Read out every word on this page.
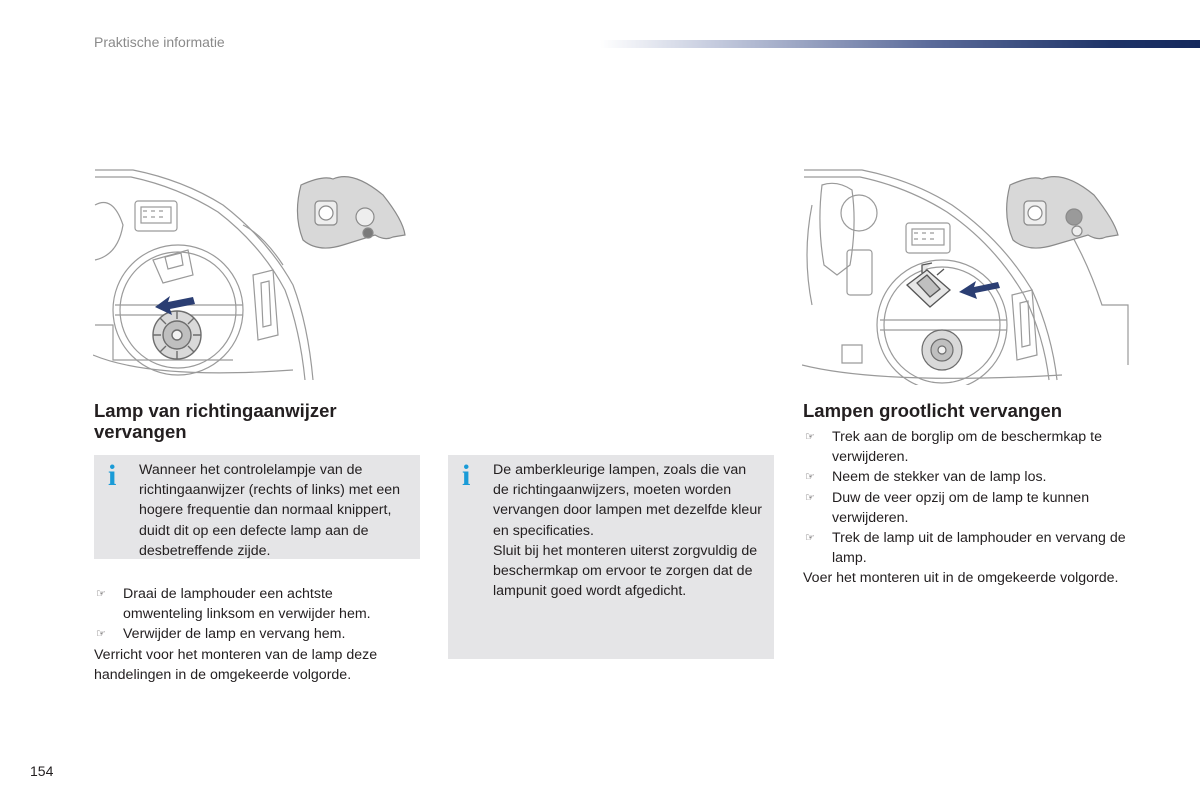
Praktische informatie
Lamp van richtingaanwijzer vervangen
Lampen grootlicht vervangen
i Wanneer het controlelampje van de richtingaanwijzer (rechts of links) met een hogere frequentie dan normaal knippert, duidt dit op een defecte lamp aan de desbetreffende zijde.

i De amberkleurige lampen, zoals die van de richtingaanwijzers, moeten worden vervangen door lampen met dezelfde kleur en specificaties.

Sluit bij het monteren uiterst zorgvuldig de beschermkap om ervoor te zorgen dat de lampunit goed wordt afgedicht.

☞ Draai de lamphouder een achtste omwenteling linksom en verwijder hem.
☞ Verwijder de lamp en vervang hem.

Verricht voor het monteren van de lamp deze handelingen in de omgekeerde volgorde.

☞ Trek aan de borglip om de beschermkap te verwijderen.
☞ Neem de stekker van de lamp los.
☞ Duw de veer opzij om de lamp te kunnen verwijderen.
☞ Trek de lamp uit de lamphouder en vervang de lamp.

Voer het monteren uit in de omgekeerde volgorde.

154
